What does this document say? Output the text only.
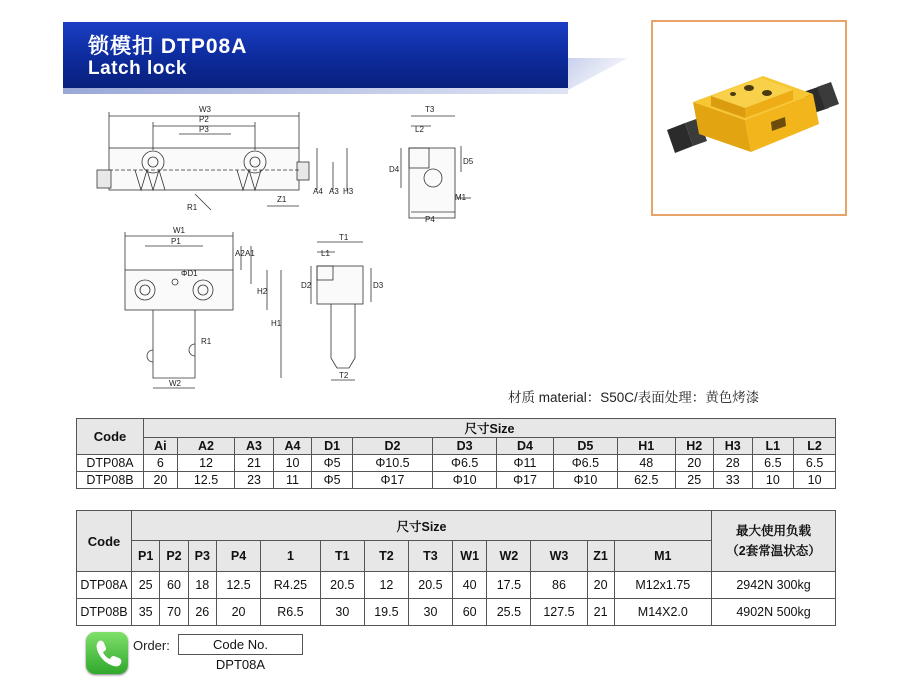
锁模扣 DTP08A
Latch lock
W3
P2
P3
R1
Z1
A4 A3 H3
T3
L2
D4
D5
M1
P4
W1
P1
ΦD1
A2 A1
H2
H1
R1
W2
T1
L1
D2	D3
T2
材质 material：S50C/表面处理：黄色烤漆
Code	尺寸Size													
	Ai	A2	A3	A4	D1	D2	D3	D4	D5	H1	H2	H3	L1	L2
DTP08A	6	12	21	10	Φ5	Φ10.5	Φ6.5	Φ11	Φ6.5	48	20	28	6.5	6.5
DTP08B	20	12.5	23	11	Φ5	Φ17	Φ10	Φ17	Φ10	62.5	25	33	10	10
Code	尺寸Size													最大使用负载
（2套常温状态）
	P1	P2	P3	P4	1	T1	T2	T3	W1	W2	W3	Z1	M1	
DTP08A	25	60	18	12.5	R4.25	20.5	12	20.5	40	17.5	86	20	M12x1.75	2942N 300kg
DTP08B	35	70	26	20	R6.5	30	19.5	30	60	25.5	127.5	21	M14X2.0	4902N 500kg
Order:	Code No.
DPT08A
